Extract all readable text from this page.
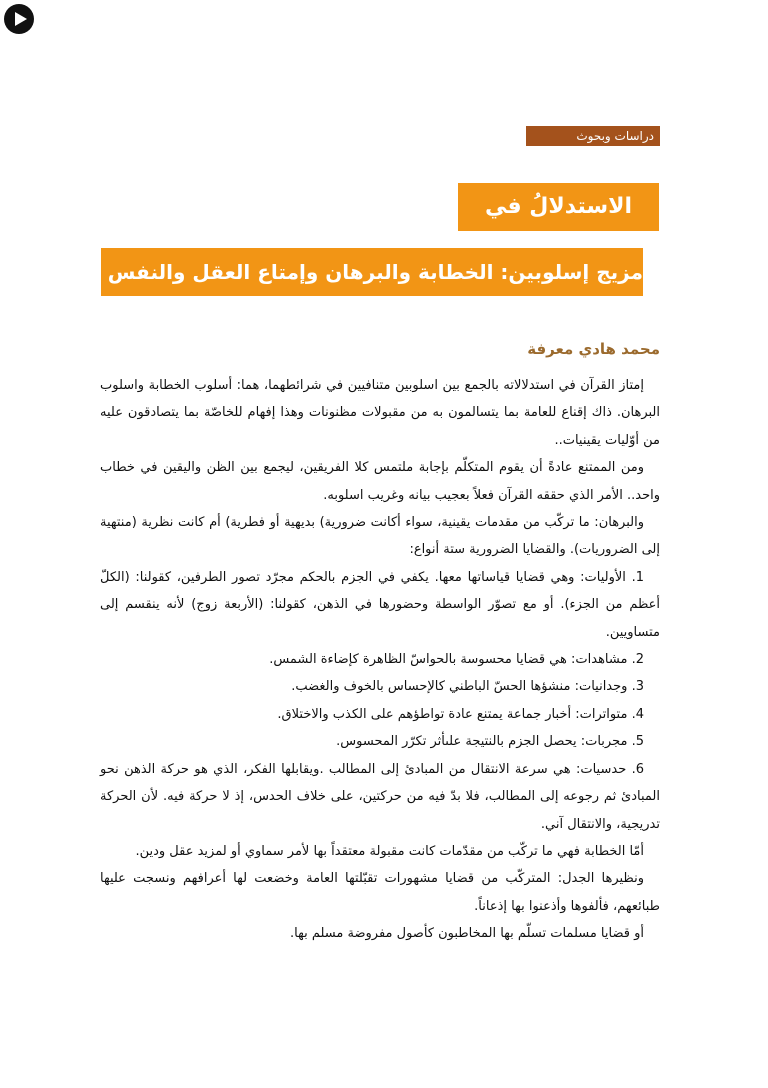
دراسات وبحوث
الاستدلالُ في
مزيج إسلوبين: الخطابة والبرهان وإمتاع العقل والنفس معاً
محمد هادي معرفة

إمتاز القرآن في استدلالاته بالجمع بين اسلوبين متنافيين في شرائطهما، هما: أسلوب الخطابة واسلوب البرهان. ذاك إقناع للعامة بما يتسالمون به من مقبولات مظنونات وهذا إفهام للخاصّة بما يتصادقون عليه من أوّليات يقينيات..

ومن الممتنع عادةً أن يقوم المتكلّم بإجابة ملتمس كلا الفريقين، ليجمع بين الظن واليقين في خطاب واحد.. الأمر الذي حققه القرآن فعلاً بعجيب بيانه وغريب اسلوبه.

والبرهان: ما تركّب من مقدمات يقينية، سواء أكانت ضرورية) بديهية أو فطرية) أم كانت نظرية (منتهية إلى الضروريات). والقضايا الضرورية ستة أنواع:

1. الأوليات: وهي قضايا قياساتها معها. يكفي في الجزم بالحكم مجرّد تصور الطرفين، كقولنا: (الكلّ أعظم من الجزء). أو مع تصوّر الواسطة وحضورها في الذهن، كقولنا: (الأربعة زوج) لأنه ينقسم إلى متساويين.

2. مشاهدات: هي قضايا محسوسة بالحواسّ الظاهرة كإضاءة الشمس.

3. وجدانيات: منشؤها الحسّ الباطني كالإحساس بالخوف والغضب.

4. متواترات: أخبار جماعة يمتنع عادة تواطؤهم على الكذب والاختلاق.

5. مجربات: يحصل الجزم بالنتيجة علىأثر تكرّر المحسوس.

6. حدسيات: هي سرعة الانتقال من المبادئ إلى المطالب .ويقابلها الفكر، الذي هو حركة الذهن نحو المبادئ ثم رجوعه إلى المطالب، فلا بدّ فيه من حركتين، على خلاف الحدس، إذ لا حركة فيه. لأن الحركة تدريجية، والانتقال آني.

أمّا الخطابة فهي ما تركّب من مقدّمات كانت مقبولة معتقداً بها لأمر سماوي أو لمزيد عقل ودين.

ونظيرها الجدل: المتركّب من قضايا مشهورات تقبّلتها العامة وخضعت لها أعرافهم ونسجت عليها طبائعهم، فألفوها وأذعنوا بها إذعاناً.

أو قضايا مسلمات تسلّم بها المخاطبون كأصول مفروضة مسلم بها.
